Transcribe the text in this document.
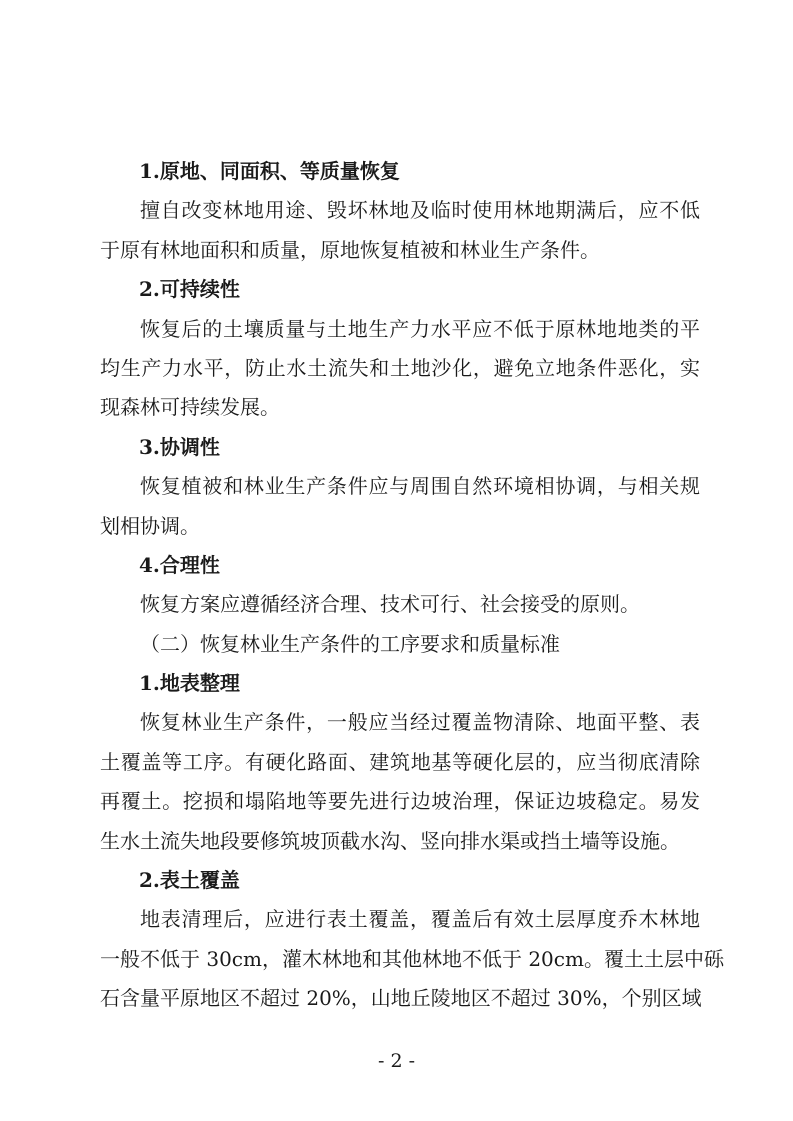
1.原地、同面积、等质量恢复
擅自改变林地用途、毁坏林地及临时使用林地期满后，应不低
于原有林地面积和质量，原地恢复植被和林业生产条件。
2.可持续性
恢复后的土壤质量与土地生产力水平应不低于原林地地类的平
均生产力水平，防止水土流失和土地沙化，避免立地条件恶化，实
现森林可持续发展。
3.协调性
恢复植被和林业生产条件应与周围自然环境相协调，与相关规
划相协调。
4.合理性
恢复方案应遵循经济合理、技术可行、社会接受的原则。
（二）恢复林业生产条件的工序要求和质量标准
1.地表整理
恢复林业生产条件，一般应当经过覆盖物清除、地面平整、表
土覆盖等工序。有硬化路面、建筑地基等硬化层的，应当彻底清除
再覆土。挖损和塌陷地等要先进行边坡治理，保证边坡稳定。易发
生水土流失地段要修筑坡顶截水沟、竖向排水渠或挡土墙等设施。
2.表土覆盖
地表清理后，应进行表土覆盖，覆盖后有效土层厚度乔木林地
一般不低于 30cm，灌木林地和其他林地不低于 20cm。覆土土层中砾
石含量平原地区不超过 20%，山地丘陵地区不超过 30%，个别区域
- 2 -
